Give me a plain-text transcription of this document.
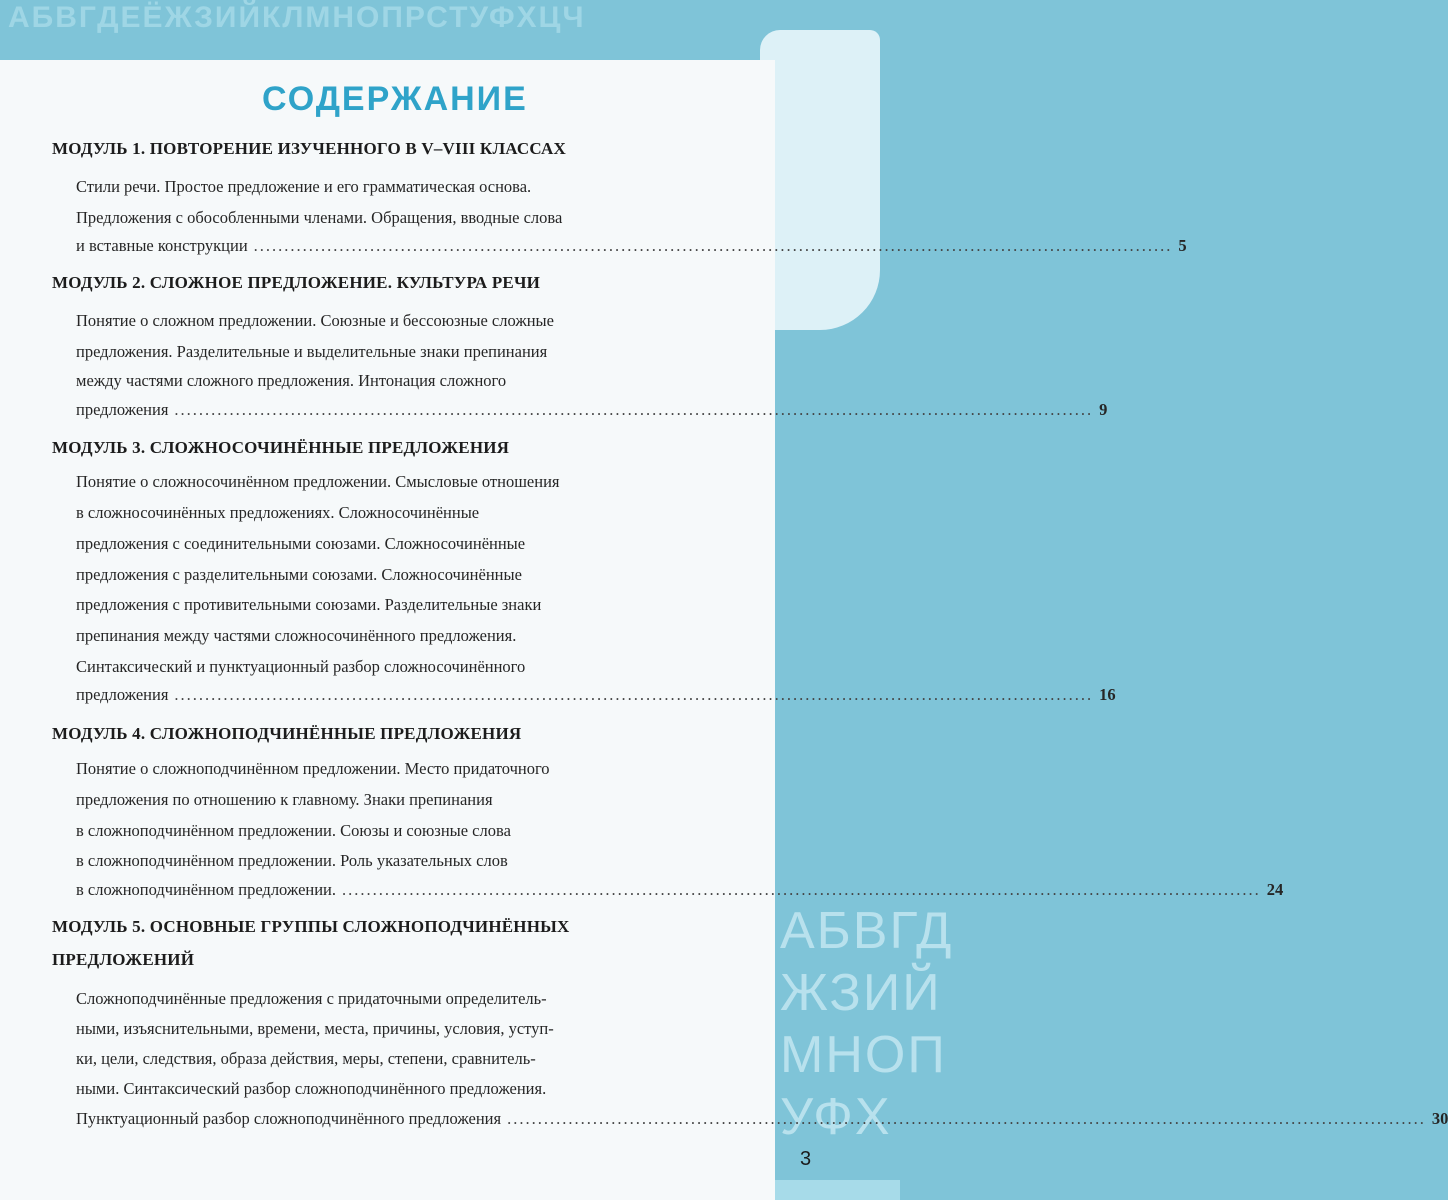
АБВГДЕЁЖЗИЙКЛМНОПРСТУФХЦЧ
АБВГД
ЖЗИЙ
МНОП
УФХ
СОДЕРЖАНИЕ
МОДУЛЬ 1. ПОВТОРЕНИЕ ИЗУЧЕННОГО В V–VIII КЛАССАХ
Стили речи. Простое предложение и его грамматическая основа.
Предложения с обособленными членами. Обращения, вводные слова
и вставные конструкции .....	5
МОДУЛЬ 2. СЛОЖНОЕ ПРЕДЛОЖЕНИЕ. КУЛЬТУРА РЕЧИ
Понятие о сложном предложении. Союзные и бессоюзные сложные
предложения. Разделительные и выделительные знаки препинания
между частями сложного предложения. Интонация сложного
предложения .....	9
МОДУЛЬ 3. СЛОЖНОСОЧИНЁННЫЕ ПРЕДЛОЖЕНИЯ
Понятие о сложносочинённом предложении. Смысловые отношения
в сложносочинённых предложениях. Сложносочинённые
предложения с соединительными союзами. Сложносочинённые
предложения с разделительными союзами. Сложносочинённые
предложения с противительными союзами. Разделительные знаки
препинания между частями сложносочинённого предложения.
Синтаксический и пунктуационный разбор сложносочинённого
предложения .....	16
МОДУЛЬ 4. СЛОЖНОПОДЧИНЁННЫЕ ПРЕДЛОЖЕНИЯ
Понятие о сложноподчинённом предложении. Место придаточного
предложения по отношению к главному. Знаки препинания
в сложноподчинённом предложении. Союзы и союзные слова
в сложноподчинённом предложении. Роль указательных слов
в сложноподчинённом предложении. .....	24
МОДУЛЬ 5. ОСНОВНЫЕ ГРУППЫ СЛОЖНОПОДЧИНЁННЫХ
ПРЕДЛОЖЕНИЙ
Сложноподчинённые предложения с придаточными определитель-
ными, изъяснительными, времени, места, причины, условия, уступ-
ки, цели, следствия, образа действия, меры, степени, сравнитель-
ными. Синтаксический разбор сложноподчинённого предложения.
Пунктуационный разбор сложноподчинённого предложения .....	30
3
